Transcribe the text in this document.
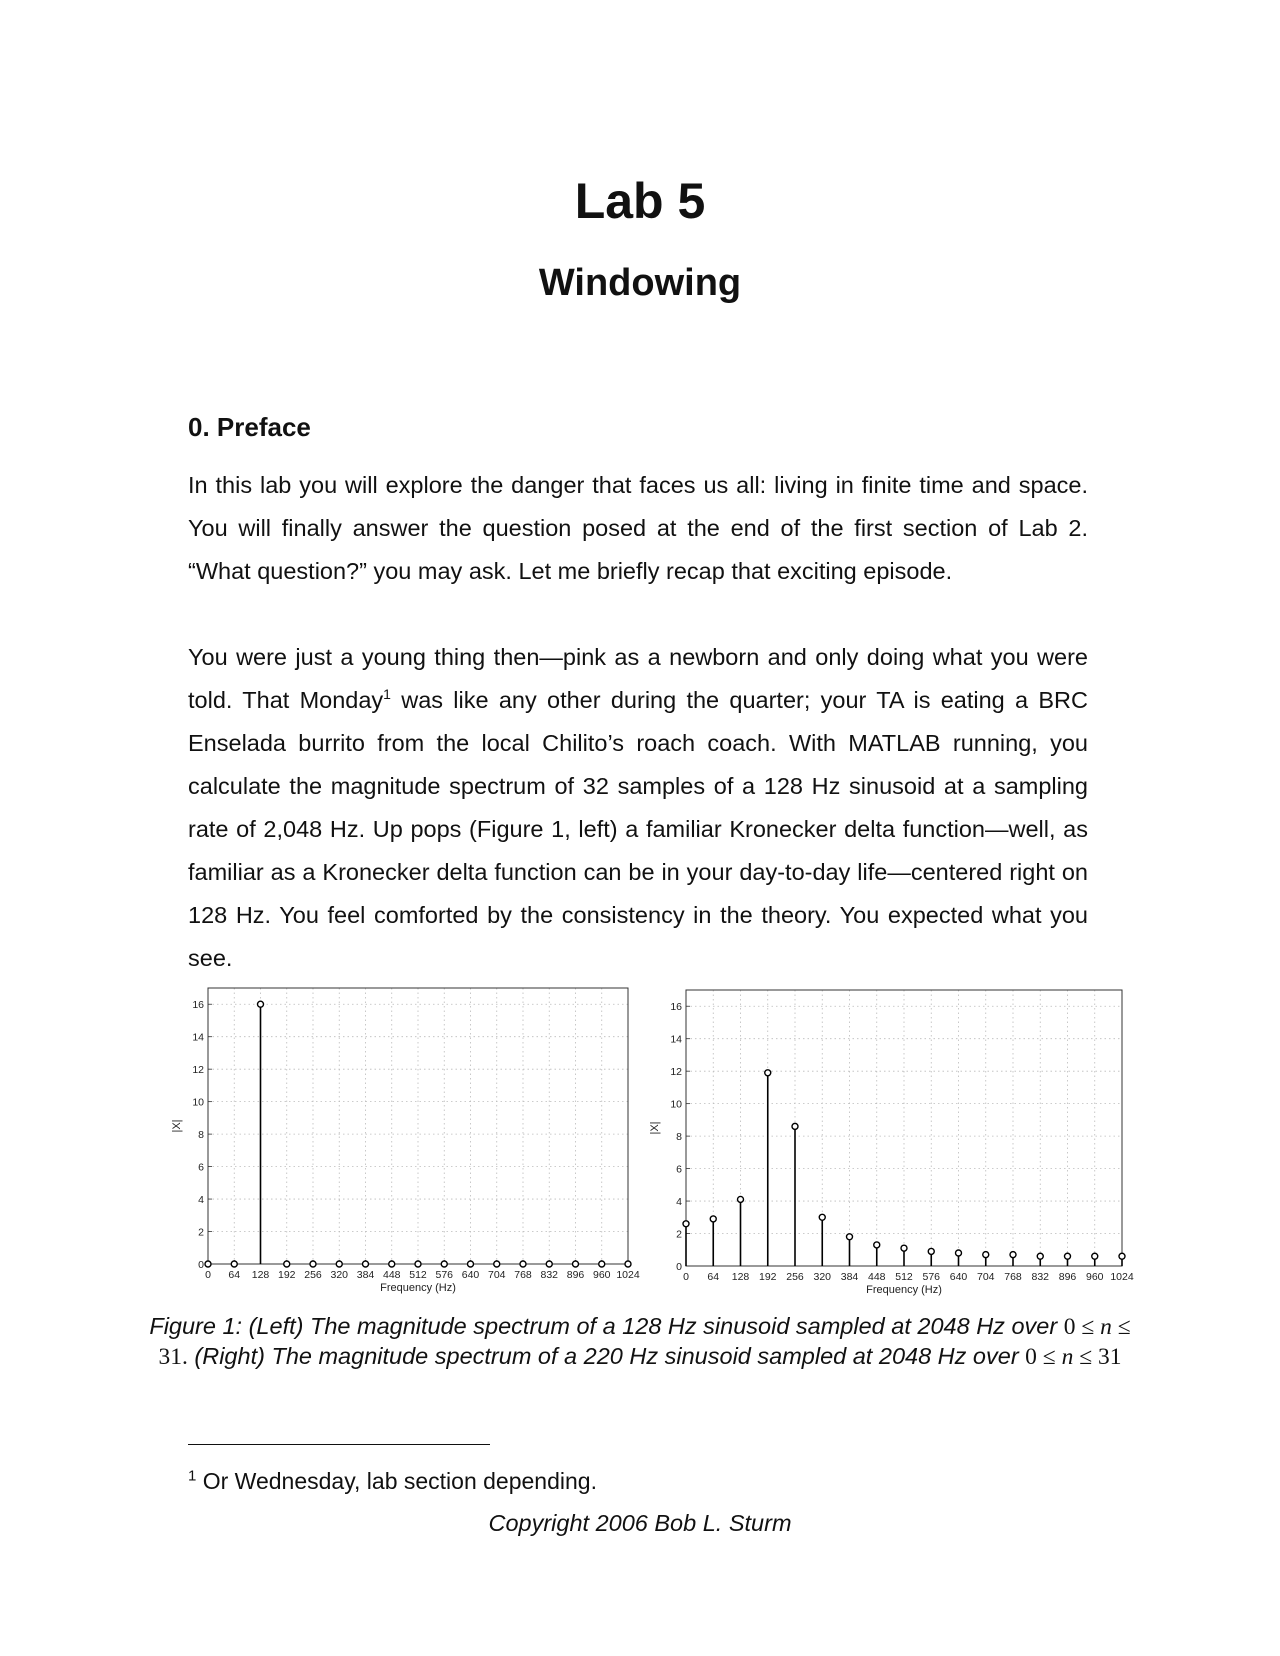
Lab 5
Windowing
0. Preface

In this lab you will explore the danger that faces us all: living in finite time and space. You will finally answer the question posed at the end of the first section of Lab 2. “What question?” you may ask. Let me briefly recap that exciting episode.

You were just a young thing then—pink as a newborn and only doing what you were told. That Monday$^1$ was like any other during the quarter; your TA is eating a BRC Enselada burrito from the local Chilito’s roach coach. With MATLAB running, you calculate the magnitude spectrum of 32 samples of a 128 Hz sinusoid at a sampling rate of 2,048 Hz. Up pops (Figure 1, left) a familiar Kronecker delta function—well, as familiar as a Kronecker delta function can be in your day-to-day life—centered right on 128 Hz. You feel comforted by the consistency in the theory. You expected what you see.

0 64 128 192 256 320 384 448 512 576 640 704 768 832 896 960 1024
0
2
4
6
8
10
12
14
16
Frequency (Hz)
|X|
0 64 128 192 256 320 384 448 512 576 640 704 768 832 896 960 1024
0
2
4
6
8
10
12
14
16
Frequency (Hz)
|X|

Figure 1: (Left) The magnitude spectrum of a 128 Hz sinusoid sampled at 2048 Hz over 0 ≤ n ≤ 31. (Right) The magnitude spectrum of a 220 Hz sinusoid sampled at 2048 Hz over 0 ≤ n ≤ 31

$^1$ Or Wednesday, lab section depending.
Copyright 2006 Bob L. Sturm
